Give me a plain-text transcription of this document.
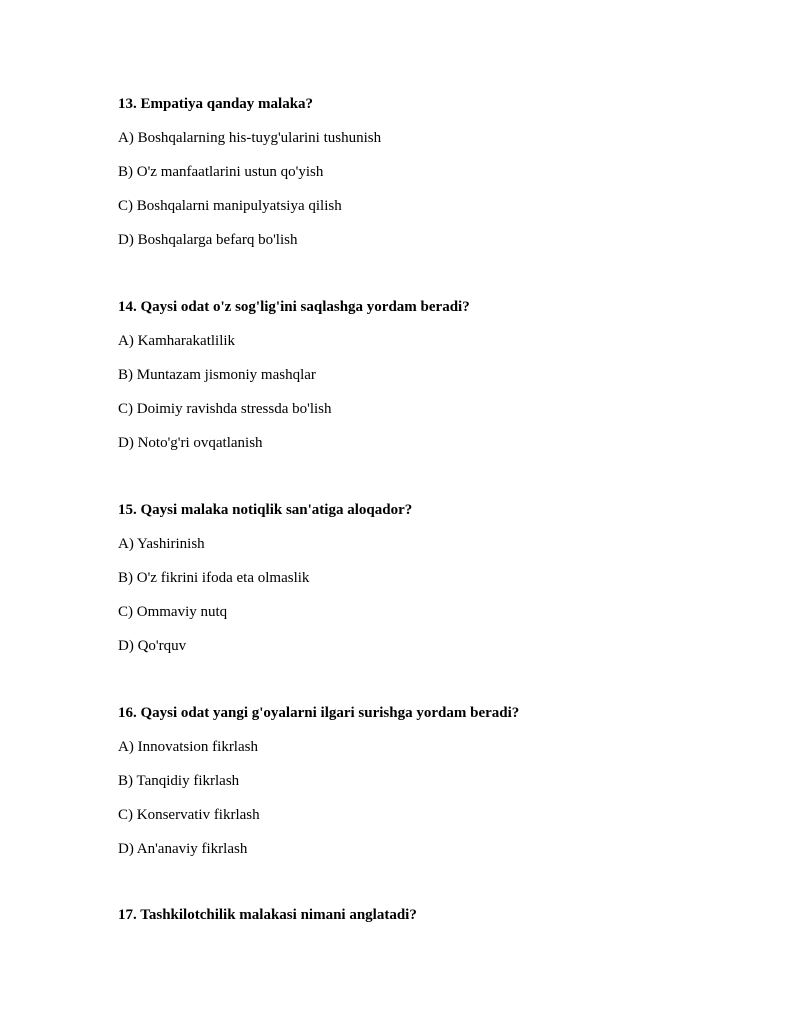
13. Empatiya qanday malaka?

A) Boshqalarning his-tuyg'ularini tushunish
B) O'z manfaatlarini ustun qo'yish
C) Boshqalarni manipulyatsiya qilish
D) Boshqalarga befarq bo'lish

14. Qaysi odat o'z sog'lig'ini saqlashga yordam beradi?

A) Kamharakatlilik
B) Muntazam jismoniy mashqlar
C) Doimiy ravishda stressda bo'lish
D) Noto'g'ri ovqatlanish

15. Qaysi malaka notiqlik san'atiga aloqador?

A) Yashirinish
B) O'z fikrini ifoda eta olmaslik
C) Ommaviy nutq
D) Qo'rquv

16. Qaysi odat yangi g'oyalarni ilgari surishga yordam beradi?

A) Innovatsion fikrlash
B) Tanqidiy fikrlash
C) Konservativ fikrlash
D) An'anaviy fikrlash

17. Tashkilotchilik malakasi nimani anglatadi?
